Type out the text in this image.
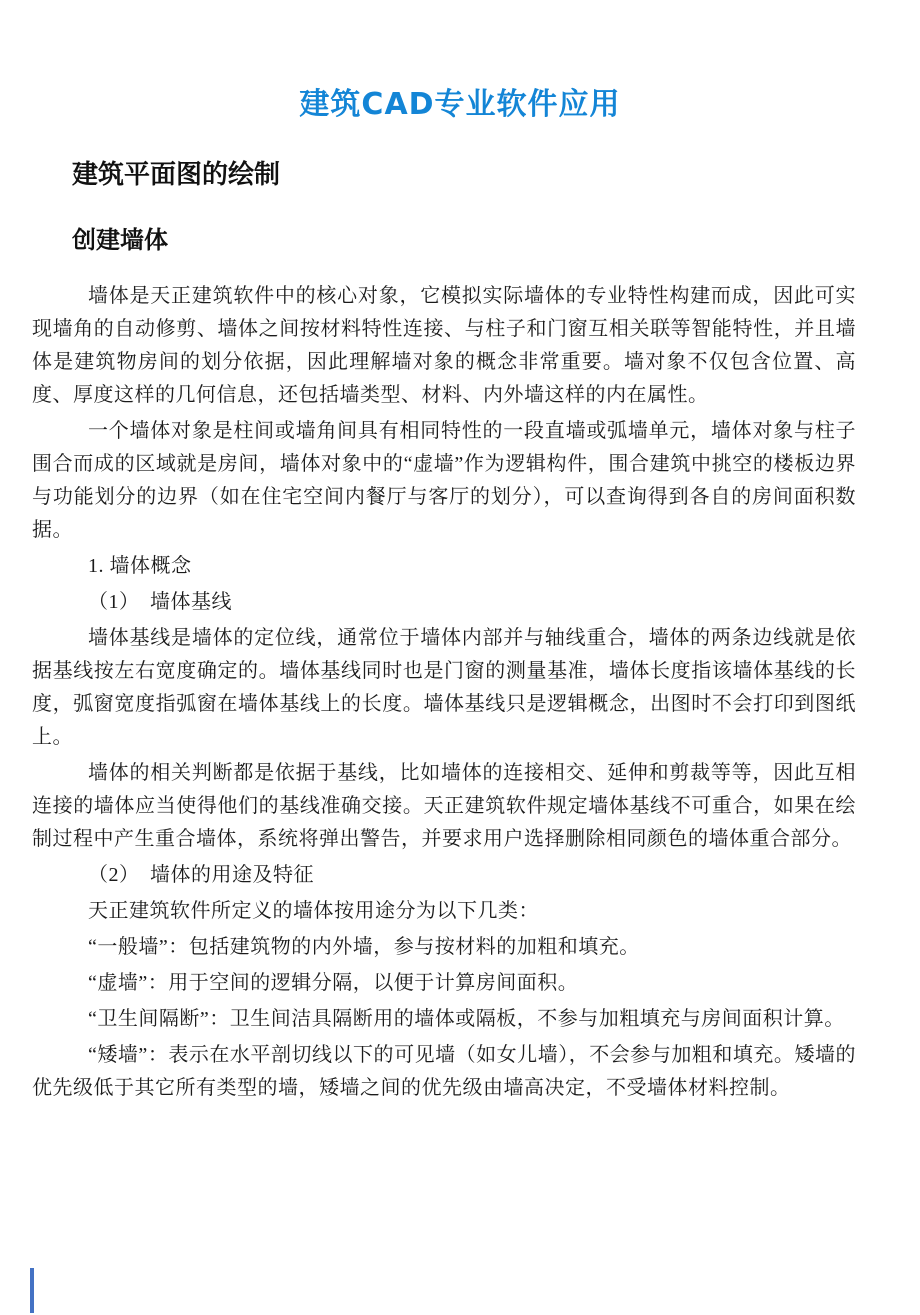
建筑CAD专业软件应用
建筑平面图的绘制
创建墙体

墙体是天正建筑软件中的核心对象，它模拟实际墙体的专业特性构建而成，因此可实现墙角的自动修剪、墙体之间按材料特性连接、与柱子和门窗互相关联等智能特性，并且墙体是建筑物房间的划分依据，因此理解墙对象的概念非常重要。墙对象不仅包含位置、高度、厚度这样的几何信息，还包括墙类型、材料、内外墙这样的内在属性。

一个墙体对象是柱间或墙角间具有相同特性的一段直墙或弧墙单元，墙体对象与柱子围合而成的区域就是房间，墙体对象中的“虚墙”作为逻辑构件，围合建筑中挑空的楼板边界与功能划分的边界（如在住宅空间内餐厅与客厅的划分），可以查询得到各自的房间面积数据。

1. 墙体概念

（1）　墙体基线

墙体基线是墙体的定位线，通常位于墙体内部并与轴线重合，墙体的两条边线就是依据基线按左右宽度确定的。墙体基线同时也是门窗的测量基准，墙体长度指该墙体基线的长度，弧窗宽度指弧窗在墙体基线上的长度。墙体基线只是逻辑概念，出图时不会打印到图纸上。

墙体的相关判断都是依据于基线，比如墙体的连接相交、延伸和剪裁等等，因此互相连接的墙体应当使得他们的基线准确交接。天正建筑软件规定墙体基线不可重合，如果在绘制过程中产生重合墙体，系统将弹出警告，并要求用户选择删除相同颜色的墙体重合部分。

（2）　墙体的用途及特征

天正建筑软件所定义的墙体按用途分为以下几类：

“一般墙”：包括建筑物的内外墙，参与按材料的加粗和填充。

“虚墙”：用于空间的逻辑分隔，以便于计算房间面积。

“卫生间隔断”：卫生间洁具隔断用的墙体或隔板，不参与加粗填充与房间面积计算。

“矮墙”：表示在水平剖切线以下的可见墙（如女儿墙），不会参与加粗和填充。矮墙的优先级低于其它所有类型的墙，矮墙之间的优先级由墙高决定，不受墙体材料控制。
